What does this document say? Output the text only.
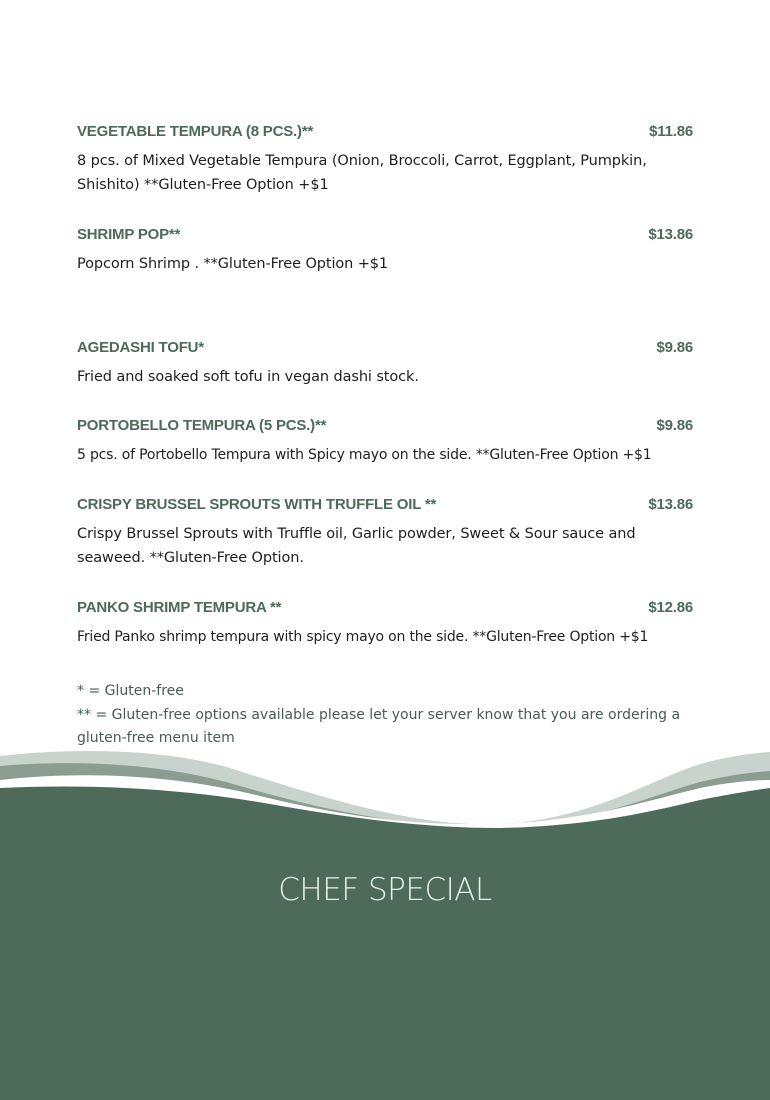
VEGETABLE TEMPURA (8 PCS.)**	$11.86
8 pcs. of Mixed Vegetable Tempura (Onion, Broccoli, Carrot, Eggplant, Pumpkin, Shishito) **Gluten-Free Option +$1
SHRIMP POP**	$13.86
Popcorn Shrimp . **Gluten-Free Option +$1
AGEDASHI TOFU*	$9.86
Fried and soaked soft tofu in vegan dashi stock.
PORTOBELLO TEMPURA (5 PCS.)**	$9.86
5 pcs. of Portobello Tempura with Spicy mayo on the side. **Gluten-Free Option +$1
CRISPY BRUSSEL SPROUTS WITH TRUFFLE OIL **	$13.86
Crispy Brussel Sprouts with Truffle oil, Garlic powder, Sweet & Sour sauce and seaweed. **Gluten-Free Option.
PANKO SHRIMP TEMPURA **	$12.86
Fried Panko shrimp tempura with spicy mayo on the side. **Gluten-Free Option +$1
* = Gluten-free
** = Gluten-free options available please let your server know that you are ordering a gluten-free menu item
CHEF SPECIAL
